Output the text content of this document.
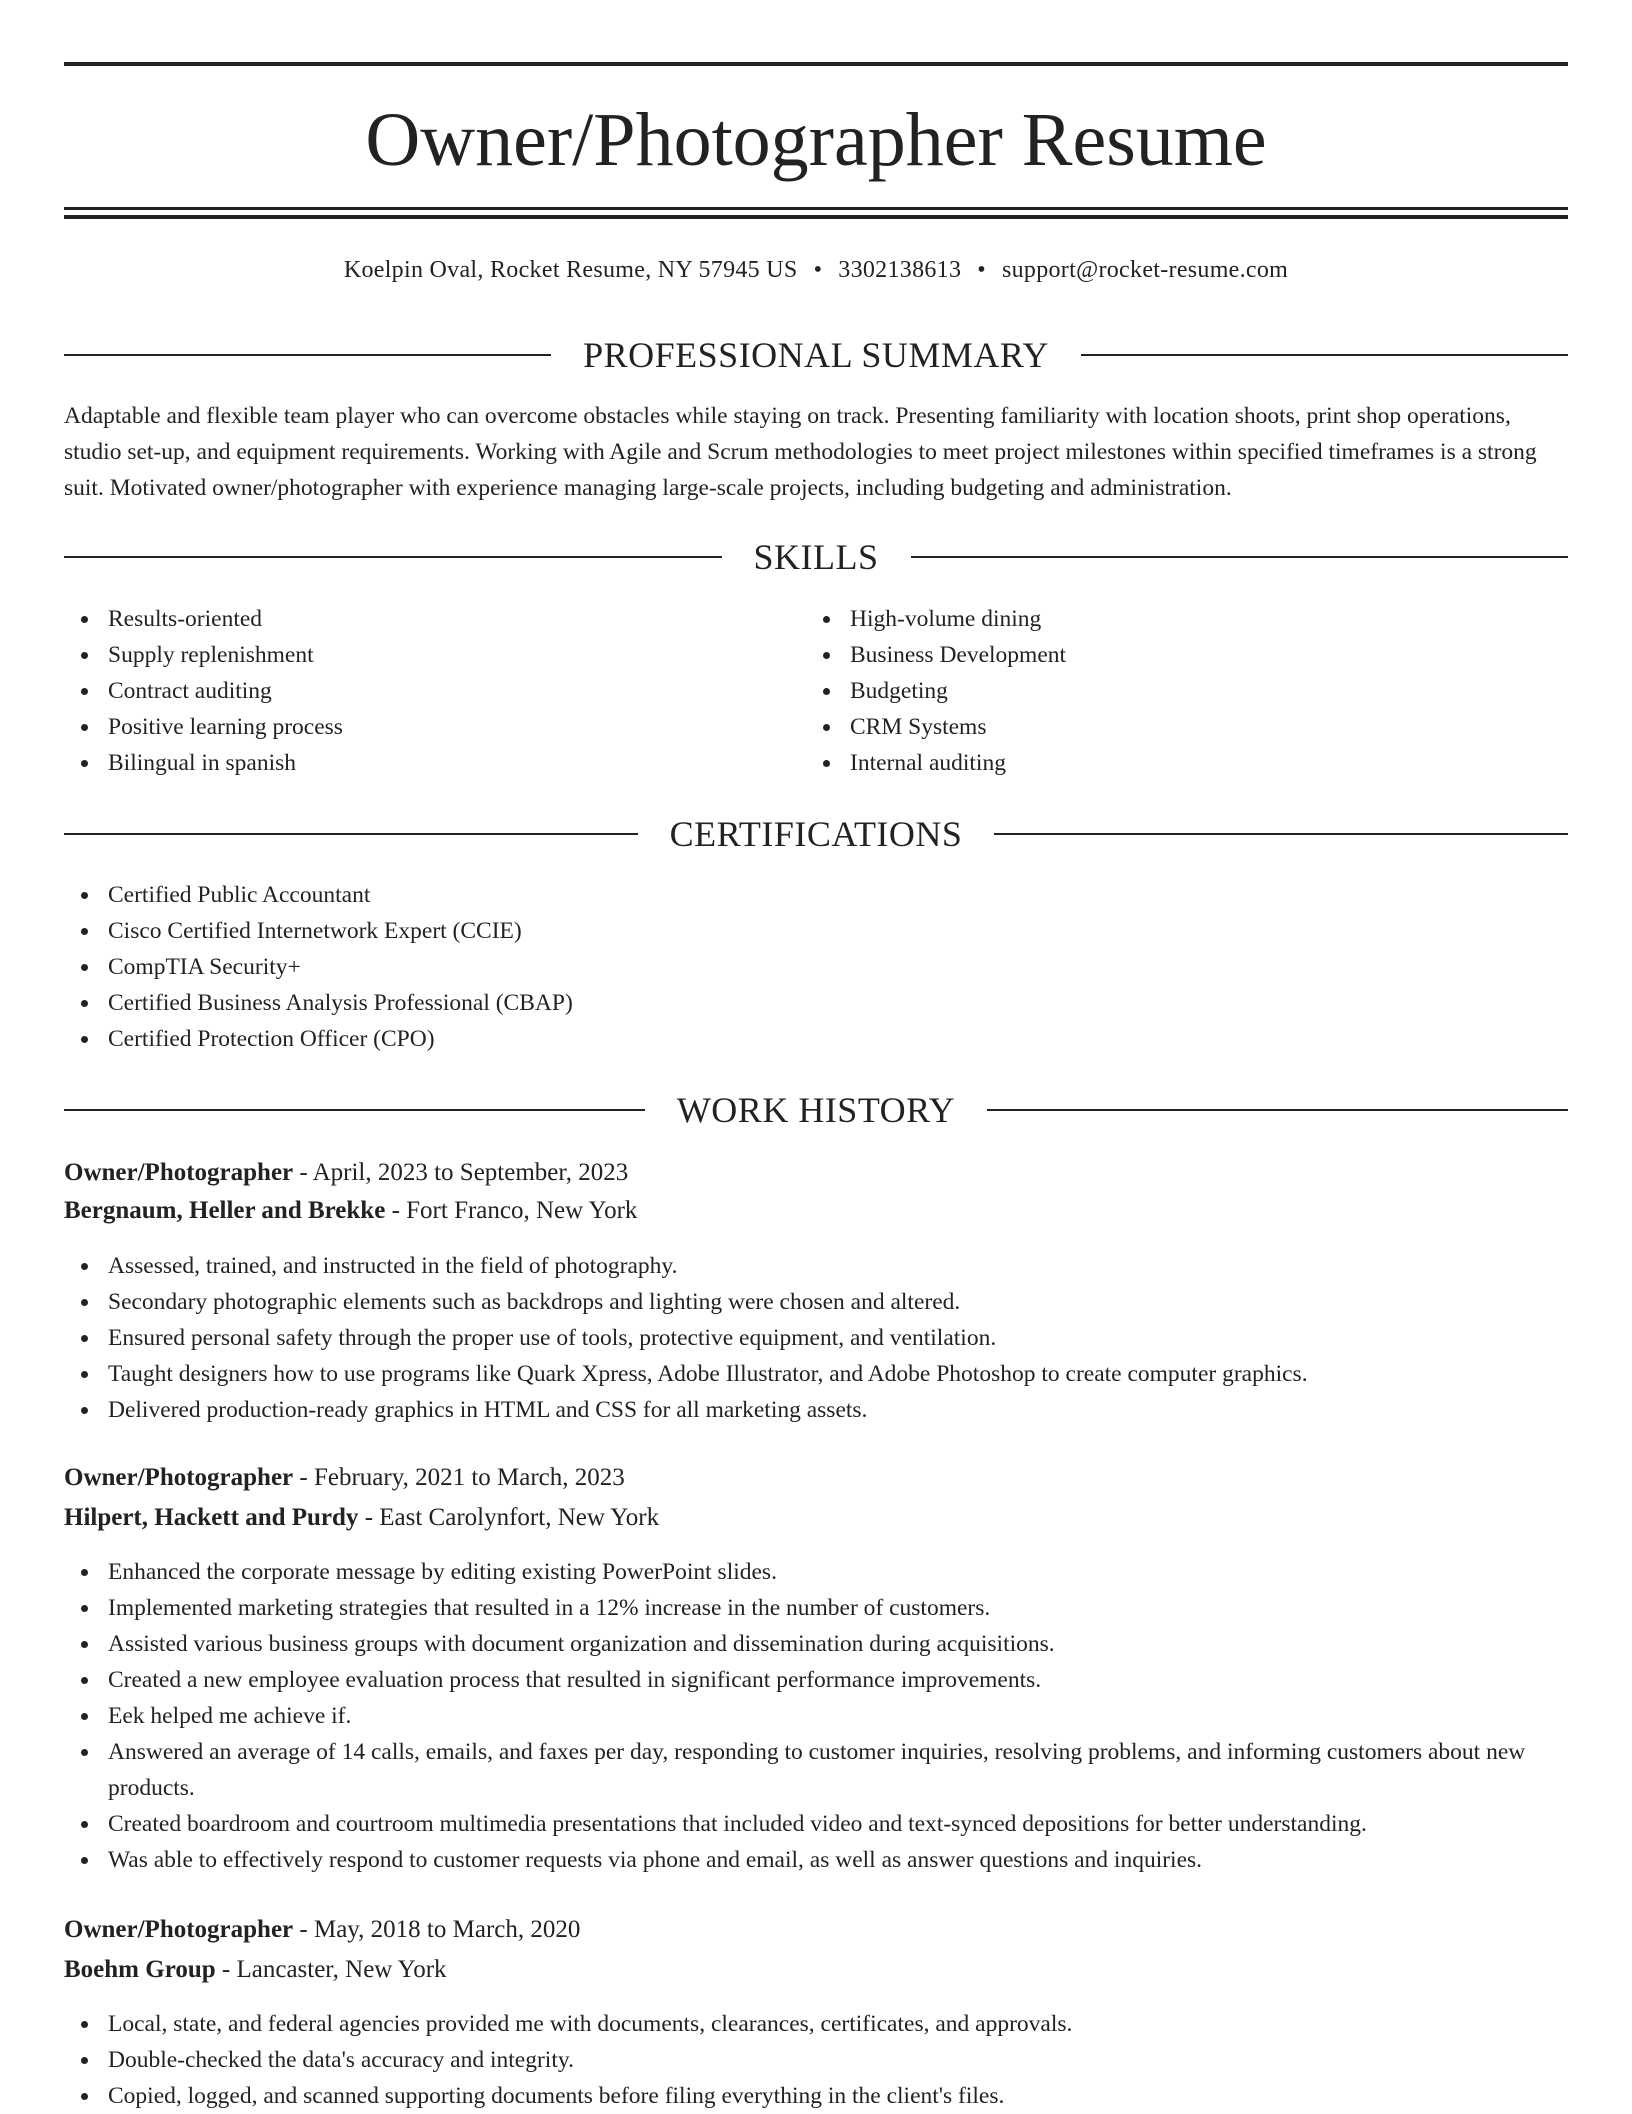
Owner/Photographer Resume
Koelpin Oval, Rocket Resume, NY 57945 US • 3302138613 • support@rocket-resume.com
PROFESSIONAL SUMMARY

Adaptable and flexible team player who can overcome obstacles while staying on track. Presenting familiarity with location shoots, print shop operations, studio set-up, and equipment requirements. Working with Agile and Scrum methodologies to meet project milestones within specified timeframes is a strong suit. Motivated owner/photographer with experience managing large-scale projects, including budgeting and administration.

SKILLS
Results-oriented
Supply replenishment
Contract auditing
Positive learning process
Bilingual in spanish
High-volume dining
Business Development
Budgeting
CRM Systems
Internal auditing
CERTIFICATIONS
Certified Public Accountant
Cisco Certified Internetwork Expert (CCIE)
CompTIA Security+
Certified Business Analysis Professional (CBAP)
Certified Protection Officer (CPO)
WORK HISTORY
Owner/Photographer - April, 2023 to September, 2023
Bergnaum, Heller and Brekke - Fort Franco, New York
Assessed, trained, and instructed in the field of photography.
Secondary photographic elements such as backdrops and lighting were chosen and altered.
Ensured personal safety through the proper use of tools, protective equipment, and ventilation.
Taught designers how to use programs like Quark Xpress, Adobe Illustrator, and Adobe Photoshop to create computer graphics.
Delivered production-ready graphics in HTML and CSS for all marketing assets.
Owner/Photographer - February, 2021 to March, 2023
Hilpert, Hackett and Purdy - East Carolynfort, New York
Enhanced the corporate message by editing existing PowerPoint slides.
Implemented marketing strategies that resulted in a 12% increase in the number of customers.
Assisted various business groups with document organization and dissemination during acquisitions.
Created a new employee evaluation process that resulted in significant performance improvements.
Eek helped me achieve if.
Answered an average of 14 calls, emails, and faxes per day, responding to customer inquiries, resolving problems, and informing customers about new products.
Created boardroom and courtroom multimedia presentations that included video and text-synced depositions for better understanding.
Was able to effectively respond to customer requests via phone and email, as well as answer questions and inquiries.
Owner/Photographer - May, 2018 to March, 2020
Boehm Group - Lancaster, New York
Local, state, and federal agencies provided me with documents, clearances, certificates, and approvals.
Double-checked the data's accuracy and integrity.
Copied, logged, and scanned supporting documents before filing everything in the client's files.
